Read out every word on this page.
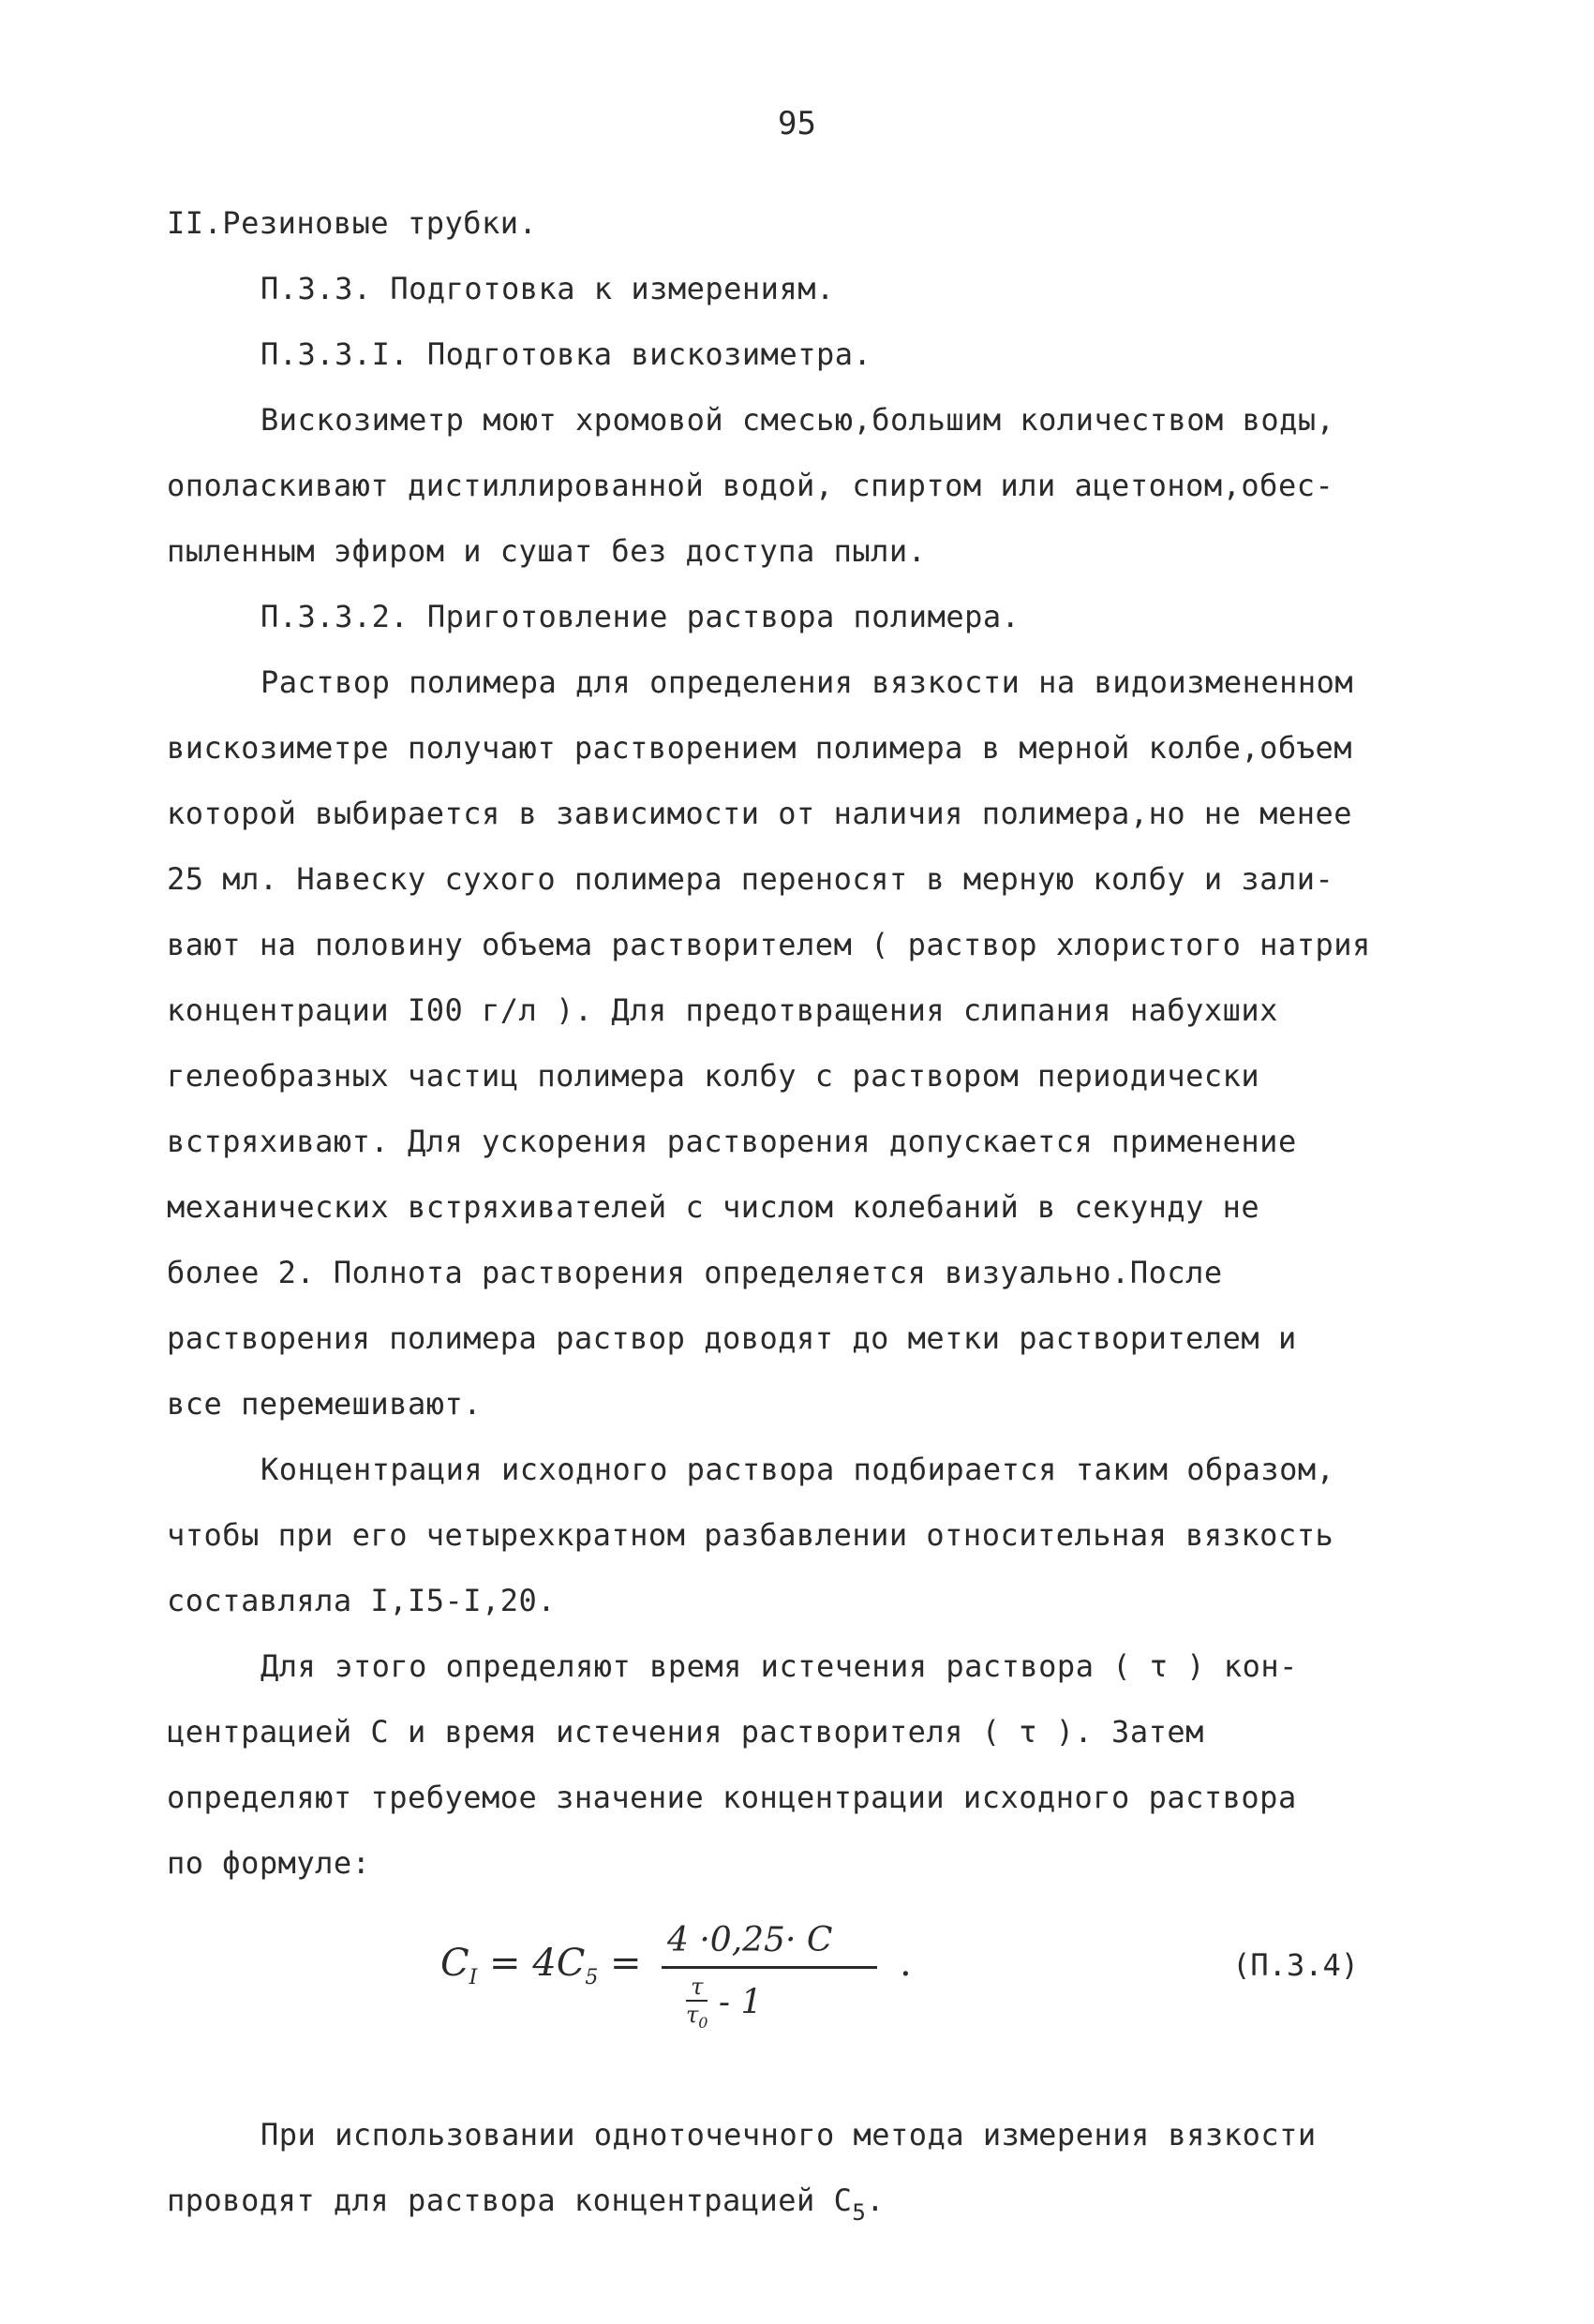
95
II.Резиновые трубки.
П.3.3. Подготовка к измерениям.
П.3.3.I. Подготовка вискозиметра.
Вискозиметр моют хромовой смесью,большим количеством воды,
ополаскивают дистиллированной водой, спиртом или ацетоном,обес-
пыленным эфиром и сушат без доступа пыли.
П.3.3.2. Приготовление раствора полимера.
Раствор полимера для определения вязкости на видоизмененном
вискозиметре получают растворением полимера в мерной колбе,объем
которой выбирается в зависимости от наличия полимера,но не менее
25 мл. Навеску сухого полимера переносят в мерную колбу и зали-
вают на половину объема растворителем ( раствор хлористого натрия
концентрации I00 г/л ). Для предотвращения слипания набухших
гелеобразных частиц полимера колбу с раствором периодически
встряхивают. Для ускорения растворения допускается применение
механических встряхивателей с числом колебаний в секунду не
более 2. Полнота растворения определяется визуально.После
растворения полимера раствор доводят до метки растворителем и
все перемешивают.
Концентрация исходного раствора подбирается таким образом,
чтобы при его четырехкратном разбавлении относительная вязкость
составляла I,I5-I,20.
Для этого определяют время истечения раствора ( τ ) кон-
центрацией С и время истечения растворителя ( τ ). Затем
определяют требуемое значение концентрации исходного раствора
по формуле:
$C_I = 4C_5$ =
4 ·0,25· C
$\frac{\tau}{\tau_0} - 1$
.	(П.3.4)
При использовании одноточечного метода измерения вязкости
проводят для раствора концентрацией $С_5$.
